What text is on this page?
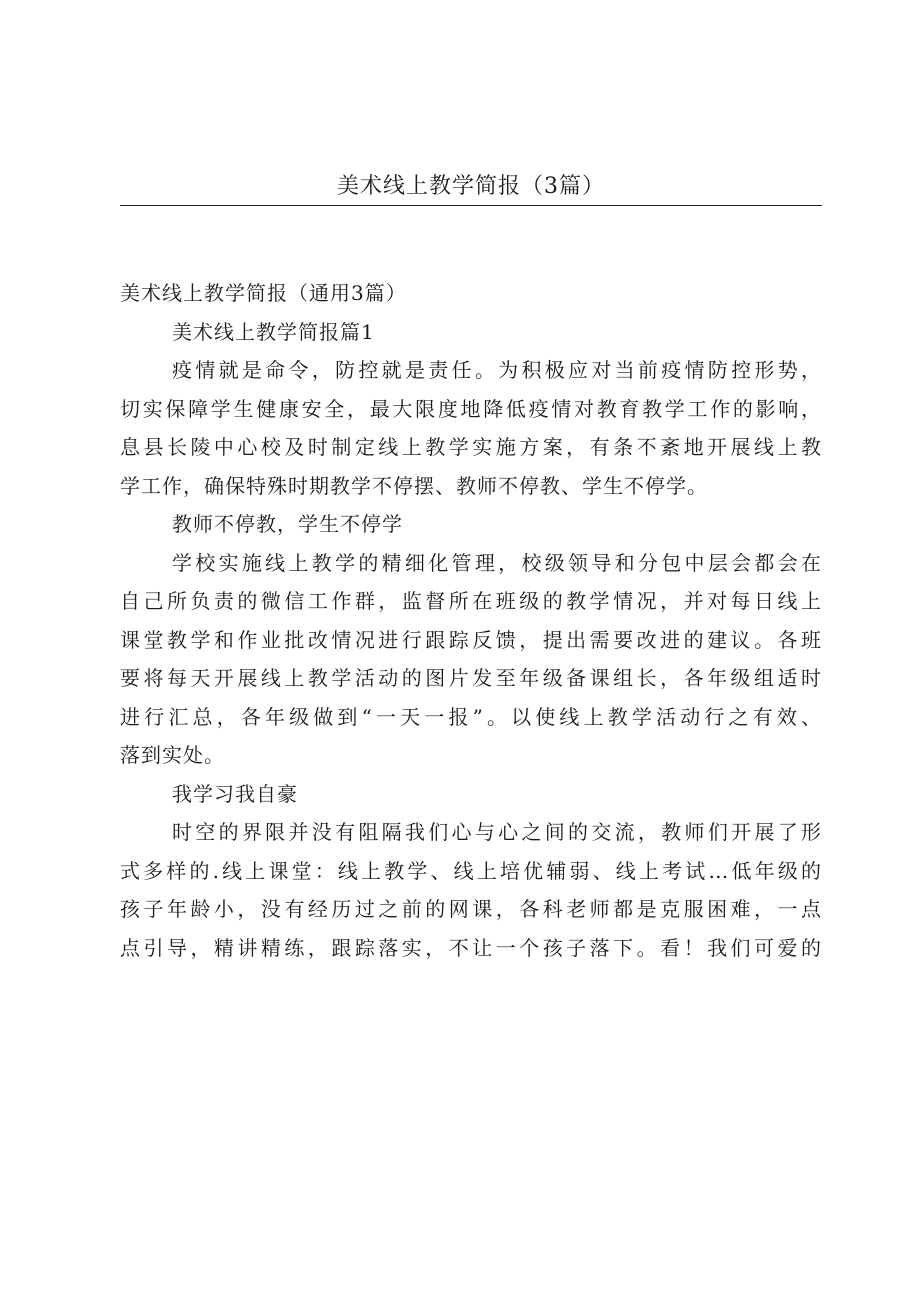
美术线上教学简报（3篇）
美术线上教学简报（通用3篇）
美术线上教学简报篇1
疫情就是命令，防控就是责任。为积极应对当前疫情防控形势，
切实保障学生健康安全，最大限度地降低疫情对教育教学工作的影响，
息县长陵中心校及时制定线上教学实施方案，有条不紊地开展线上教
学工作，确保特殊时期教学不停摆、教师不停教、学生不停学。
教师不停教，学生不停学
学校实施线上教学的精细化管理，校级领导和分包中层会都会在
自己所负责的微信工作群，监督所在班级的教学情况，并对每日线上
课堂教学和作业批改情况进行跟踪反馈，提出需要改进的建议。各班
要将每天开展线上教学活动的图片发至年级备课组长，各年级组适时
进行汇总，各年级做到“一天一报”。以使线上教学活动行之有效、
落到实处。
我学习我自豪
时空的界限并没有阻隔我们心与心之间的交流，教师们开展了形
式多样的.线上课堂：线上教学、线上培优辅弱、线上考试…低年级的
孩子年龄小，没有经历过之前的网课，各科老师都是克服困难，一点
点引导，精讲精练，跟踪落实，不让一个孩子落下。看！我们可爱的
